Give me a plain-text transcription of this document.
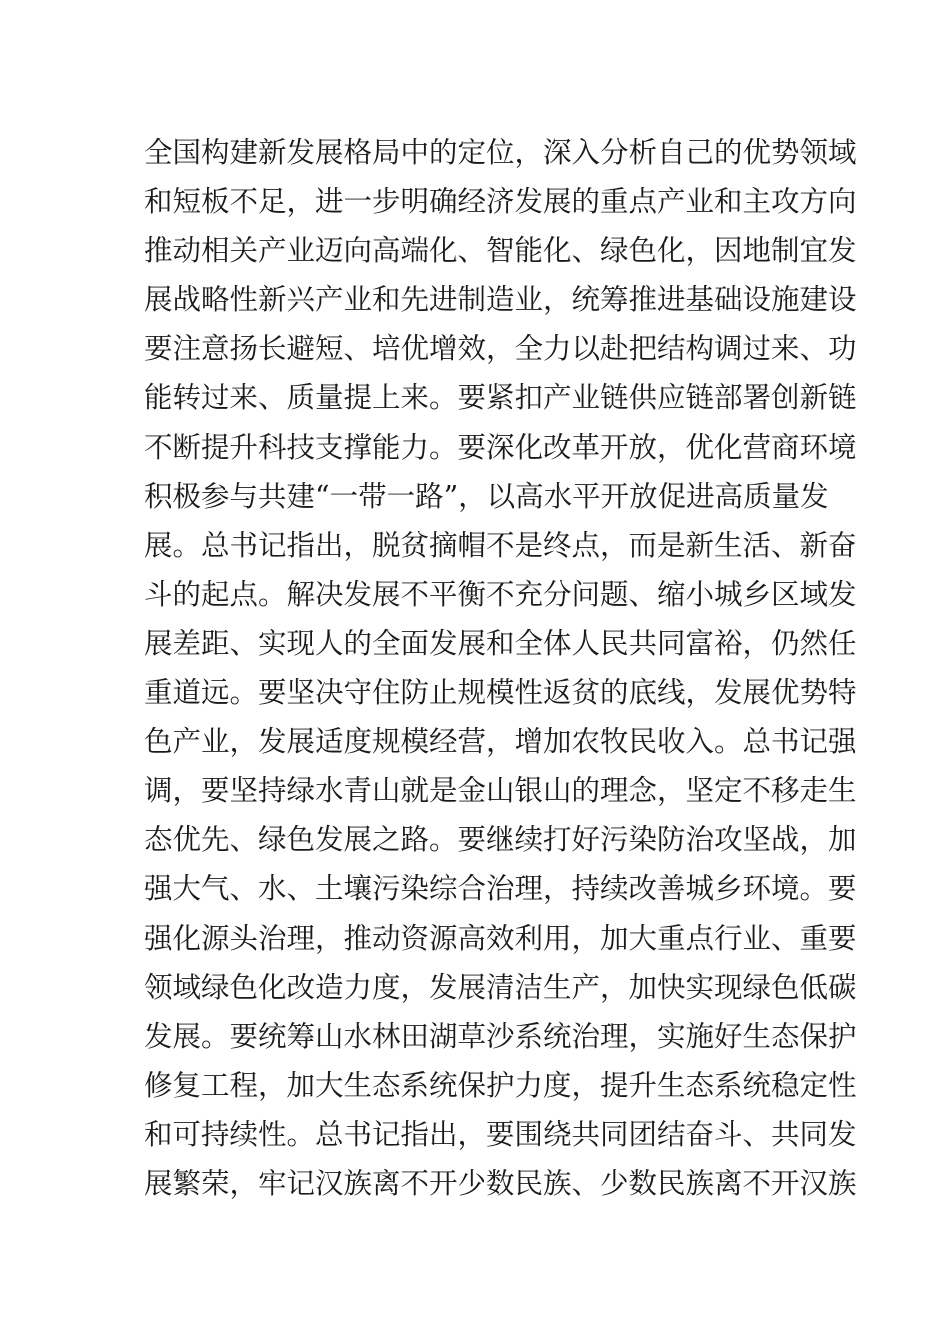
全国构建新发展格局中的定位，深入分析自己的优势领域
和短板不足，进一步明确经济发展的重点产业和主攻方向
推动相关产业迈向高端化、智能化、绿色化，因地制宜发
展战略性新兴产业和先进制造业，统筹推进基础设施建设
要注意扬长避短、培优增效，全力以赴把结构调过来、功
能转过来、质量提上来。要紧扣产业链供应链部署创新链
不断提升科技支撑能力。要深化改革开放，优化营商环境
积极参与共建“一带一路”，以高水平开放促进高质量发
展。总书记指出，脱贫摘帽不是终点，而是新生活、新奋
斗的起点。解决发展不平衡不充分问题、缩小城乡区域发
展差距、实现人的全面发展和全体人民共同富裕，仍然任
重道远。要坚决守住防止规模性返贫的底线，发展优势特
色产业，发展适度规模经营，增加农牧民收入。总书记强
调，要坚持绿水青山就是金山银山的理念，坚定不移走生
态优先、绿色发展之路。要继续打好污染防治攻坚战，加
强大气、水、土壤污染综合治理，持续改善城乡环境。要
强化源头治理，推动资源高效利用，加大重点行业、重要
领域绿色化改造力度，发展清洁生产，加快实现绿色低碳
发展。要统筹山水林田湖草沙系统治理，实施好生态保护
修复工程，加大生态系统保护力度，提升生态系统稳定性
和可持续性。总书记指出，要围绕共同团结奋斗、共同发
展繁荣，牢记汉族离不开少数民族、少数民族离不开汉族
